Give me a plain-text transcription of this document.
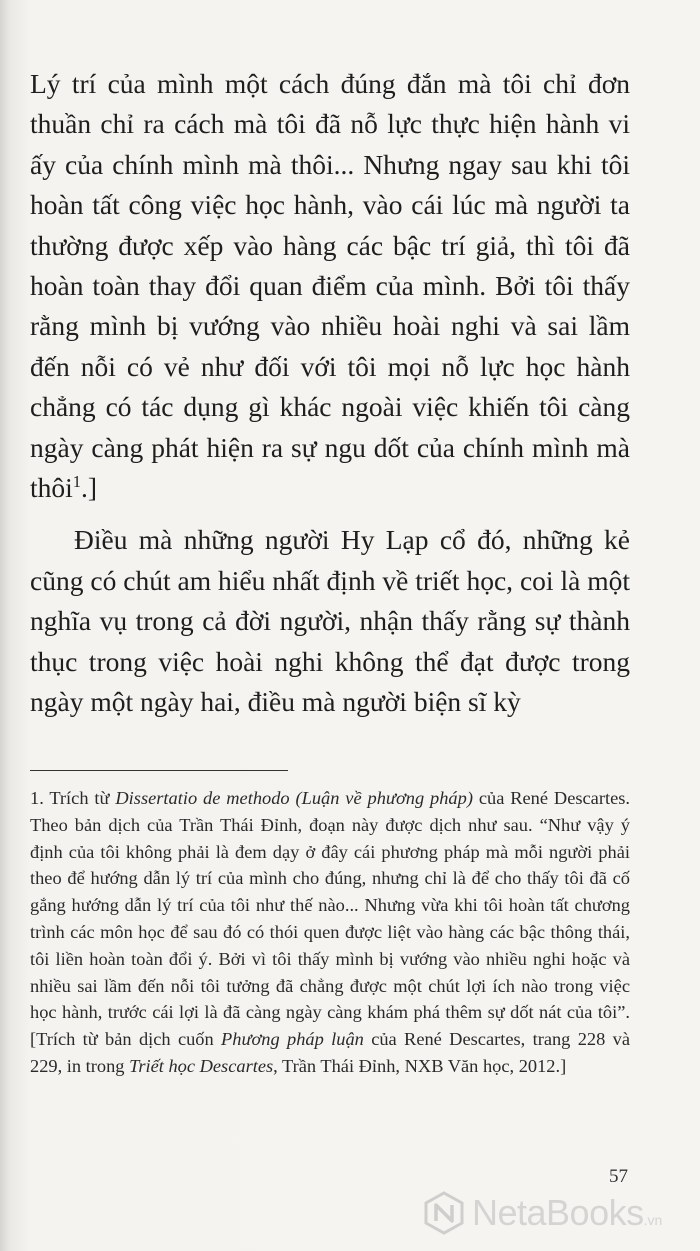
Lý trí của mình một cách đúng đắn mà tôi chỉ đơn thuần chỉ ra cách mà tôi đã nỗ lực thực hiện hành vi ấy của chính mình mà thôi... Nhưng ngay sau khi tôi hoàn tất công việc học hành, vào cái lúc mà người ta thường được xếp vào hàng các bậc trí giả, thì tôi đã hoàn toàn thay đổi quan điểm của mình. Bởi tôi thấy rằng mình bị vướng vào nhiều hoài nghi và sai lầm đến nỗi có vẻ như đối với tôi mọi nỗ lực học hành chẳng có tác dụng gì khác ngoài việc khiến tôi càng ngày càng phát hiện ra sự ngu dốt của chính mình mà thôi$^1$.]

Điều mà những người Hy Lạp cổ đó, những kẻ cũng có chút am hiểu nhất định về triết học, coi là một nghĩa vụ trong cả đời người, nhận thấy rằng sự thành thục trong việc hoài nghi không thể đạt được trong ngày một ngày hai, điều mà người biện sĩ kỳ

1. Trích từ Dissertatio de methodo (Luận về phương pháp) của René Descartes. Theo bản dịch của Trần Thái Đỉnh, đoạn này được dịch như sau. “Như vậy ý định của tôi không phải là đem dạy ở đây cái phương pháp mà mỗi người phải theo để hướng dẫn lý trí của mình cho đúng, nhưng chỉ là để cho thấy tôi đã cố gắng hướng dẫn lý trí của tôi như thế nào... Nhưng vừa khi tôi hoàn tất chương trình các môn học để sau đó có thói quen được liệt vào hàng các bậc thông thái, tôi liền hoàn toàn đổi ý. Bởi vì tôi thấy mình bị vướng vào nhiều nghi hoặc và nhiều sai lầm đến nỗi tôi tưởng đã chẳng được một chút lợi ích nào trong việc học hành, trước cái lợi là đã càng ngày càng khám phá thêm sự dốt nát của tôi”. [Trích từ bản dịch cuốn Phương pháp luận của René Descartes, trang 228 và 229, in trong Triết học Descartes, Trần Thái Đỉnh, NXB Văn học, 2012.]
57
NetaBooks .vn
